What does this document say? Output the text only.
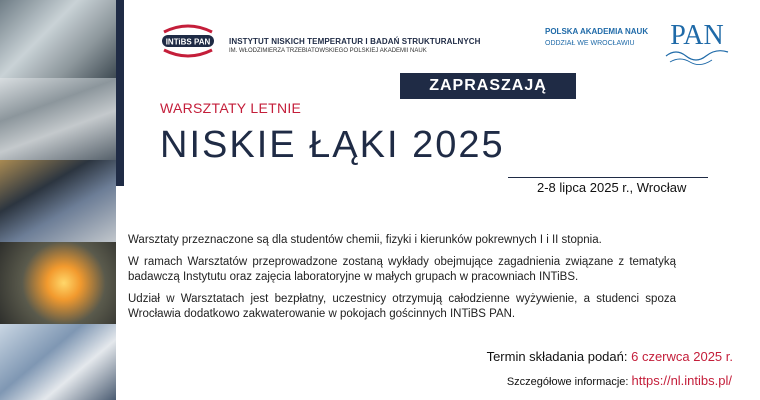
INTiBS PAN INSTYTUT NISKICH TEMPERATUR I BADAŃ STRUKTURALNYCH
IM. WŁODZIMIERZA TRZEBIATOWSKIEGO POLSKIEJ AKADEMII NAUK
POLSKA AKADEMIA NAUK
ODDZIAŁ WE WROCŁAWIU PAN
ZAPRASZAJĄ
WARSZTATY LETNIE
NISKIE ŁĄKI 2025
2-8 lipca 2025 r., Wrocław

Warsztaty przeznaczone są dla studentów chemii, fizyki i kierunków pokrewnych I i II stopnia.

W ramach Warsztatów przeprowadzone zostaną wykłady obejmujące zagadnienia związane z tematyką badawczą Instytutu oraz zajęcia laboratoryjne w małych grupach w pracowniach INTiBS.

Udział w Warsztatach jest bezpłatny, uczestnicy otrzymują całodzienne wyżywienie, a studenci spoza Wrocławia dodatkowo zakwaterowanie w pokojach gościnnych INTiBS PAN.

Termin składania podań: 6 czerwca 2025 r.
Szczegółowe informacje: https://nl.intibs.pl/
